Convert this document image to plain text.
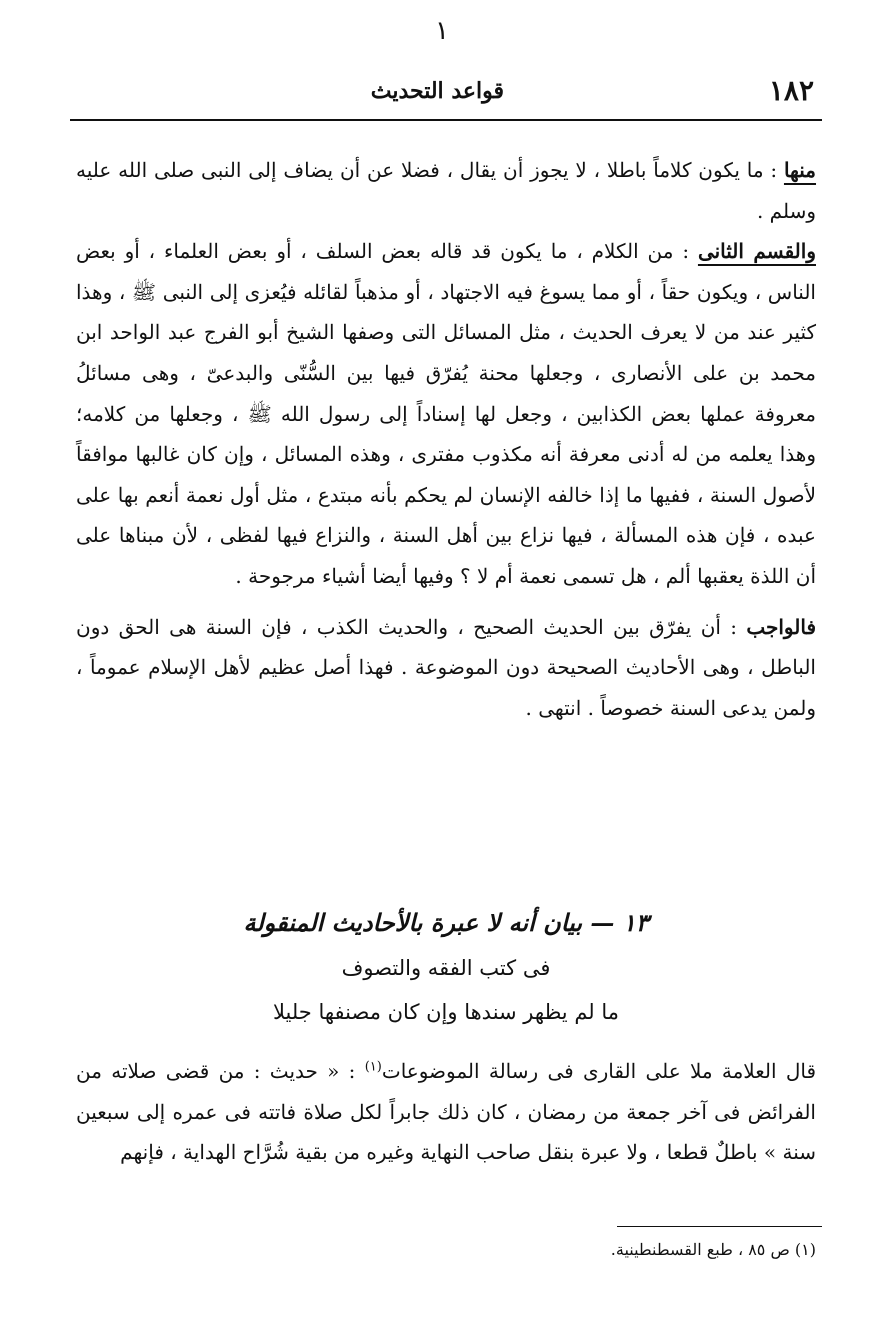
١
١٨٢
قواعد التحديث

منها : ما يكون كلاماً باطلا ، لا يجوز أن يقال ، فضلا عن أن يضاف إلى النبى صلى الله عليه وسلم .

والقسم الثانى : من الكلام ، ما يكون قد قاله بعض السلف ، أو بعض العلماء ، أو بعض الناس ، ويكون حقاً ، أو مما يسوغ فيه الاجتهاد ، أو مذهباً لقائله فيُعزى إلى النبى ﷺ ، وهذا كثير عند من لا يعرف الحديث ، مثل المسائل التى وصفها الشيخ أبو الفرج عبد الواحد ابن محمد بن على الأنصارى ، وجعلها محنة يُفرّق فيها بين السُّنّى والبدعىّ ، وهى مسائلُ معروفة عملها بعض الكذابين ، وجعل لها إسناداً إلى رسول الله ﷺ ، وجعلها من كلامه؛ وهذا يعلمه من له أدنى معرفة أنه مكذوب مفترى ، وهذه المسائل ، وإن كان غالبها موافقاً لأصول السنة ، ففيها ما إذا خالفه الإنسان لم يحكم بأنه مبتدع ، مثل أول نعمة أنعم بها على عبده ، فإن هذه المسألة ، فيها نزاع بين أهل السنة ، والنزاع فيها لفظى ، لأن مبناها على أن اللذة يعقبها ألم ، هل تسمى نعمة أم لا ؟ وفيها أيضا أشياء مرجوحة .

فالواجب : أن يفرّق بين الحديث الصحيح ، والحديث الكذب ، فإن السنة هى الحق دون الباطل ، وهى الأحاديث الصحيحة دون الموضوعة . فهذا أصل عظيم لأهل الإسلام عموماً ، ولمن يدعى السنة خصوصاً . انتهى .

١٣ — بيان أنه لا عبرة بالأحاديث المنقولة

فى كتب الفقه والتصوف

ما لم يظهر سندها وإن كان مصنفها جليلا

قال العلامة ملا على القارى فى رسالة الموضوعات$^{(١)}$ : « حديث : من قضى صلاته من الفرائض فى آخر جمعة من رمضان ، كان ذلك جابراً لكل صلاة فاتته فى عمره إلى سبعين سنة » باطلٌ قطعا ، ولا عبرة بنقل صاحب النهاية وغيره من بقية شُرَّاح الهداية ، فإنهم

(١) ص ٨٥ ، طبع القسطنطينية.
